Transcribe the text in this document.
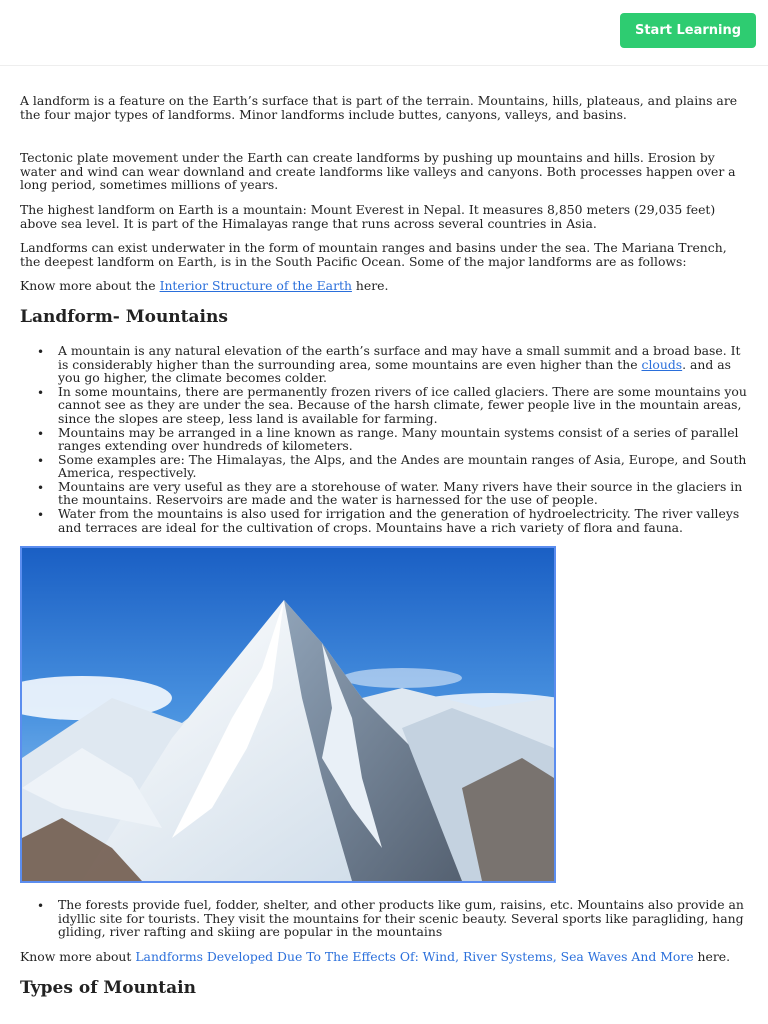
Start Learning

A landform is a feature on the Earth’s surface that is part of the terrain. Mountains, hills, plateaus, and plains are the four major types of landforms. Minor landforms include buttes, canyons, valleys, and basins.

Tectonic plate movement under the Earth can create landforms by pushing up mountains and hills. Erosion by water and wind can wear downland and create landforms like valleys and canyons. Both processes happen over a long period, sometimes millions of years.

The highest landform on Earth is a mountain: Mount Everest in Nepal. It measures 8,850 meters (29,035 feet) above sea level. It is part of the Himalayas range that runs across several countries in Asia.

Landforms can exist underwater in the form of mountain ranges and basins under the sea. The Mariana Trench, the deepest landform on Earth, is in the South Pacific Ocean. Some of the major landforms are as follows:

Know more about the Interior Structure of the Earth here.

Landform- Mountains
• A mountain is any natural elevation of the earth’s surface and may have a small summit and a broad base. It is considerably higher than the surrounding area, some mountains are even higher than the clouds. and as you go higher, the climate becomes colder.
• In some mountains, there are permanently frozen rivers of ice called glaciers. There are some mountains you cannot see as they are under the sea. Because of the harsh climate, fewer people live in the mountain areas, since the slopes are steep, less land is available for farming.
• Mountains may be arranged in a line known as range. Many mountain systems consist of a series of parallel ranges extending over hundreds of kilometers.
• Some examples are: The Himalayas, the Alps, and the Andes are mountain ranges of Asia, Europe, and South America, respectively.
• Mountains are very useful as they are a storehouse of water. Many rivers have their source in the glaciers in the mountains. Reservoirs are made and the water is harnessed for the use of people.
• Water from the mountains is also used for irrigation and the generation of hydroelectricity. The river valleys and terraces are ideal for the cultivation of crops. Mountains have a rich variety of flora and fauna.
• The forests provide fuel, fodder, shelter, and other products like gum, raisins, etc. Mountains also provide an idyllic site for tourists. They visit the mountains for their scenic beauty. Several sports like paragliding, hang gliding, river rafting and skiing are popular in the mountains

Know more about Landforms Developed Due To The Effects Of: Wind, River Systems, Sea Waves And More here.

Types of Mountain
